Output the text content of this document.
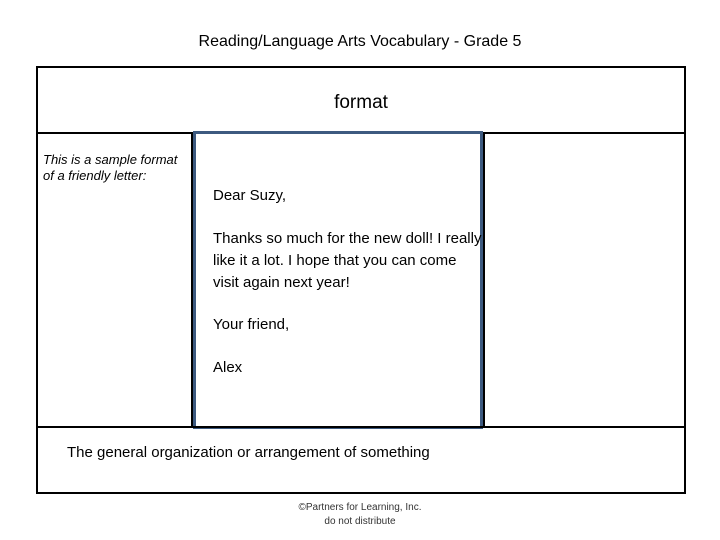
Reading/Language Arts Vocabulary - Grade 5
format
This is a sample format of a friendly letter:
Dear Suzy,
Thanks so much for the new doll! I really like it a lot. I hope that you can come visit again next year!
Your friend,
Alex
The general organization or arrangement of something
©Partners for Learning, Inc.
do not distribute
